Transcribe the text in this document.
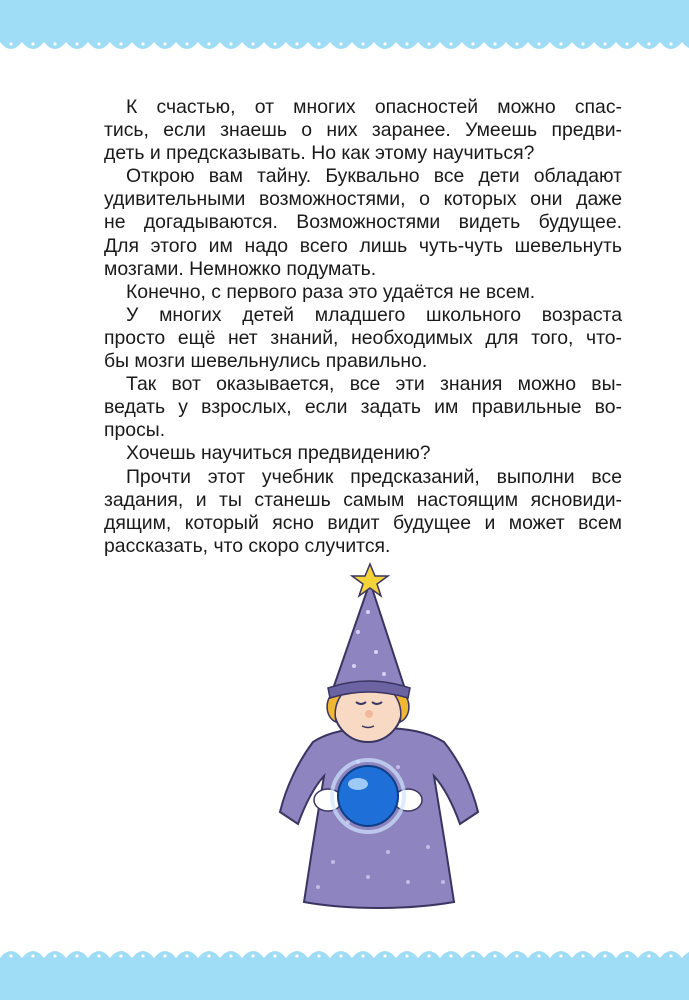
К счастью, от многих опасностей можно спас-
тись, если знаешь о них заранее. Умеешь предви-
деть и предсказывать. Но как этому научиться?

Открою вам тайну. Буквально все дети обладают
удивительными возможностями, о которых они даже
не догадываются. Возможностями видеть будущее.
Для этого им надо всего лишь чуть-чуть шевельнуть
мозгами. Немножко подумать.

Конечно, с первого раза это удаётся не всем.

У многих детей младшего школьного возраста
просто ещё нет знаний, необходимых для того, что-
бы мозги шевельнулись правильно.

Так вот оказывается, все эти знания можно вы-
ведать у взрослых, если задать им правильные во-
просы.

Хочешь научиться предвидению?

Прочти этот учебник предсказаний, выполни все
задания, и ты станешь самым настоящим ясновиди-
дящим, который ясно видит будущее и может всем
рассказать, что скоро случится.
